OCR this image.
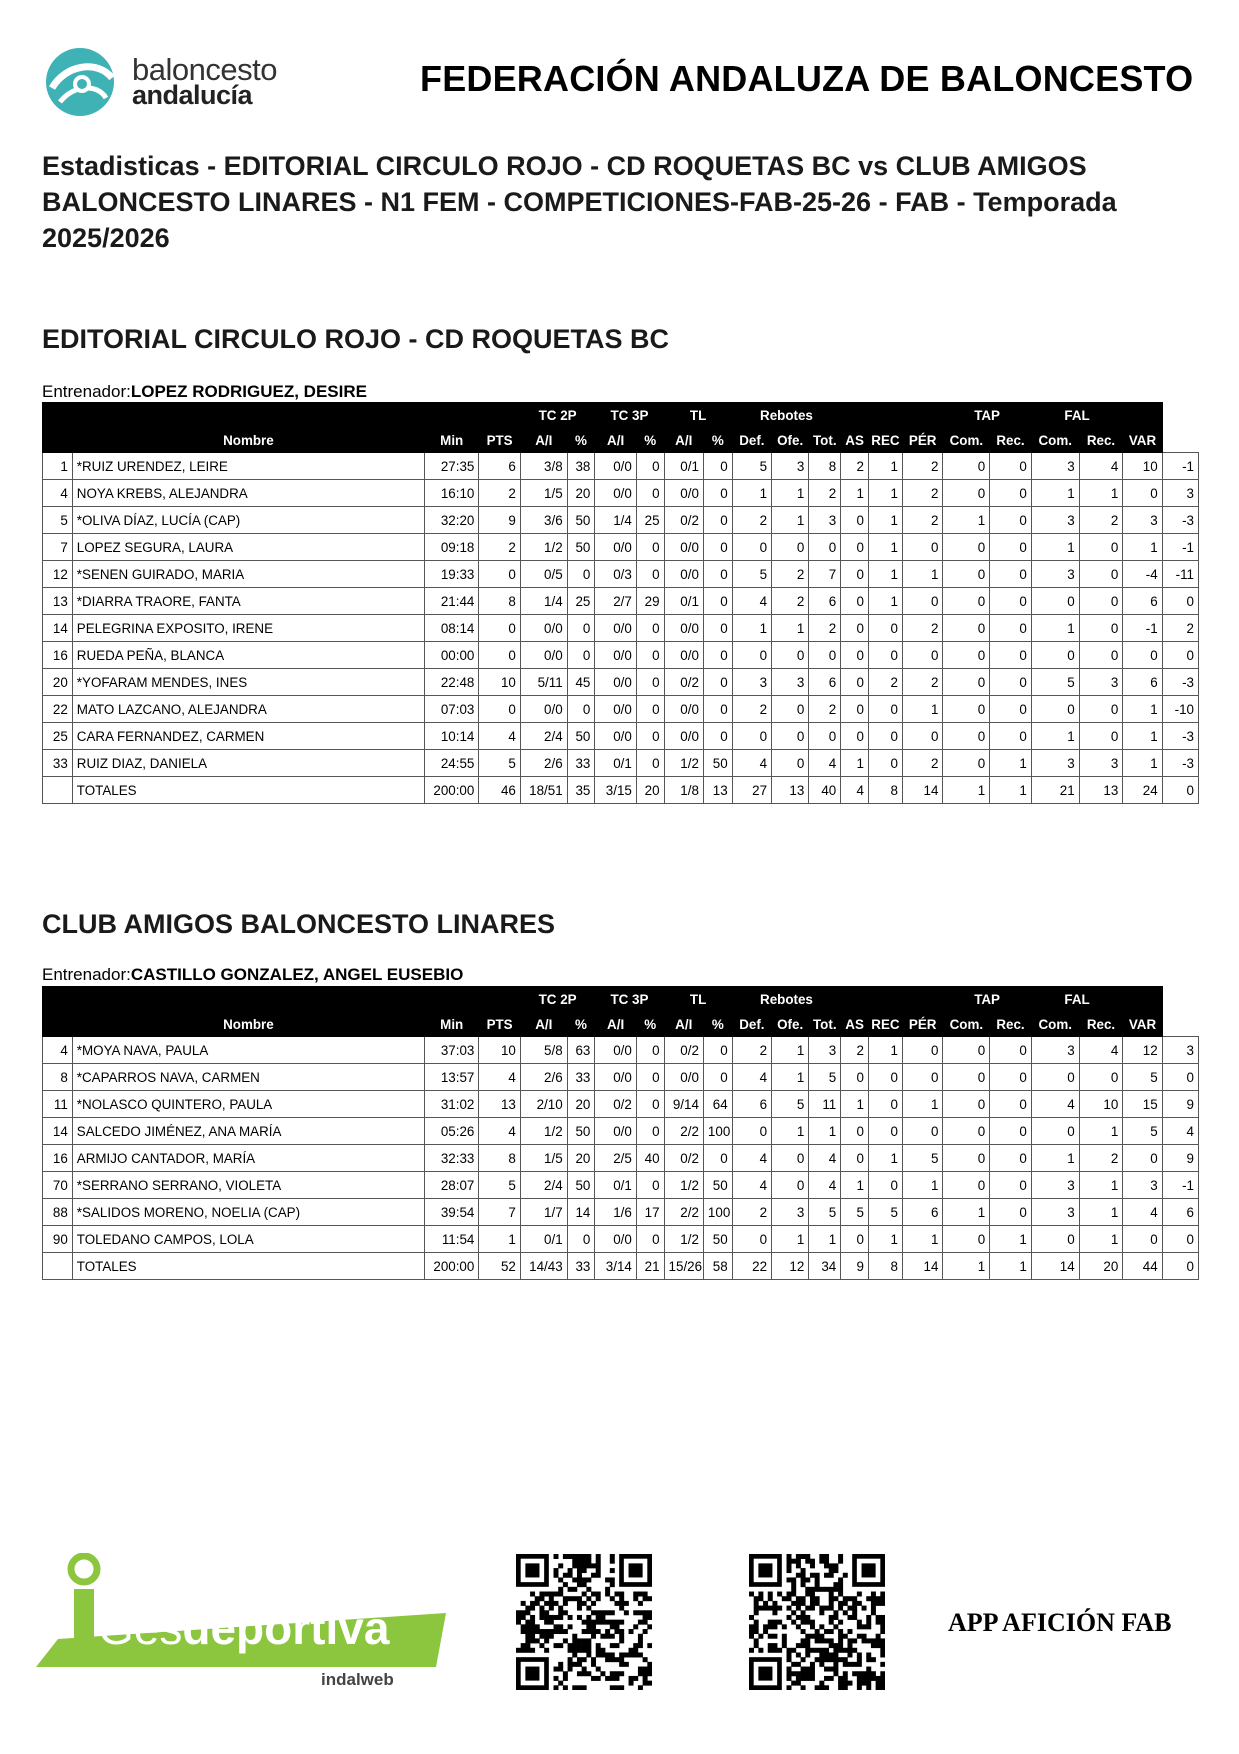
baloncesto
andalucía	FEDERACIÓN ANDALUZA DE BALONCESTO
Estadisticas - EDITORIAL CIRCULO ROJO - CD ROQUETAS BC vs CLUB AMIGOS BALONCESTO LINARES - N1 FEM - COMPETICIONES-FAB-25-26 - FAB - Temporada 2025/2026
EDITORIAL CIRCULO ROJO - CD ROQUETAS BC
Entrenador:LOPEZ RODRIGUEZ, DESIRE
				TC 2P		TC 3P		TL		Rebotes						TAP		FAL			
	Nombre	Min	PTS	A/I	%	A/I	%	A/I	%	Def.	Ofe.	Tot.	AS	REC	PÉR	Com.	Rec.	Com.	Rec.	VAR	
1	*RUIZ URENDEZ, LEIRE	27:35	6	3/8	38	0/0	0	0/1	0	5	3	8	2	1	2	0	0	3	4	10	-1
4	NOYA KREBS, ALEJANDRA	16:10	2	1/5	20	0/0	0	0/0	0	1	1	2	1	1	2	0	0	1	1	0	3
5	*OLIVA DÍAZ, LUCÍA (CAP)	32:20	9	3/6	50	1/4	25	0/2	0	2	1	3	0	1	2	1	0	3	2	3	-3
7	LOPEZ SEGURA, LAURA	09:18	2	1/2	50	0/0	0	0/0	0	0	0	0	0	1	0	0	0	1	0	1	-1
12	*SENEN GUIRADO, MARIA	19:33	0	0/5	0	0/3	0	0/0	0	5	2	7	0	1	1	0	0	3	0	-4	-11
13	*DIARRA TRAORE, FANTA	21:44	8	1/4	25	2/7	29	0/1	0	4	2	6	0	1	0	0	0	0	0	6	0
14	PELEGRINA EXPOSITO, IRENE	08:14	0	0/0	0	0/0	0	0/0	0	1	1	2	0	0	2	0	0	1	0	-1	2
16	RUEDA PEÑA, BLANCA	00:00	0	0/0	0	0/0	0	0/0	0	0	0	0	0	0	0	0	0	0	0	0	0
20	*YOFARAM MENDES, INES	22:48	10	5/11	45	0/0	0	0/2	0	3	3	6	0	2	2	0	0	5	3	6	-3
22	MATO LAZCANO, ALEJANDRA	07:03	0	0/0	0	0/0	0	0/0	0	2	0	2	0	0	1	0	0	0	0	1	-10
25	CARA FERNANDEZ, CARMEN	10:14	4	2/4	50	0/0	0	0/0	0	0	0	0	0	0	0	0	0	1	0	1	-3
33	RUIZ DIAZ, DANIELA	24:55	5	2/6	33	0/1	0	1/2	50	4	0	4	1	0	2	0	1	3	3	1	-3
	TOTALES	200:00	46	18/51	35	3/15	20	1/8	13	27	13	40	4	8	14	1	1	21	13	24	0
CLUB AMIGOS BALONCESTO LINARES
Entrenador:CASTILLO GONZALEZ, ANGEL EUSEBIO
				TC 2P		TC 3P		TL		Rebotes						TAP		FAL			
	Nombre	Min	PTS	A/I	%	A/I	%	A/I	%	Def.	Ofe.	Tot.	AS	REC	PÉR	Com.	Rec.	Com.	Rec.	VAR	
4	*MOYA NAVA, PAULA	37:03	10	5/8	63	0/0	0	0/2	0	2	1	3	2	1	0	0	0	3	4	12	3
8	*CAPARROS NAVA, CARMEN	13:57	4	2/6	33	0/0	0	0/0	0	4	1	5	0	0	0	0	0	0	0	5	0
11	*NOLASCO QUINTERO, PAULA	31:02	13	2/10	20	0/2	0	9/14	64	6	5	11	1	0	1	0	0	4	10	15	9
14	SALCEDO JIMÉNEZ, ANA MARÍA	05:26	4	1/2	50	0/0	0	2/2	100	0	1	1	0	0	0	0	0	0	1	5	4
16	ARMIJO CANTADOR, MARÍA	32:33	8	1/5	20	2/5	40	0/2	0	4	0	4	0	1	5	0	0	1	2	0	9
70	*SERRANO SERRANO, VIOLETA	28:07	5	2/4	50	0/1	0	1/2	50	4	0	4	1	0	1	0	0	3	1	3	-1
88	*SALIDOS MORENO, NOELIA (CAP)	39:54	7	1/7	14	1/6	17	2/2	100	2	3	5	5	5	6	1	0	3	1	4	6
90	TOLEDANO CAMPOS, LOLA	11:54	1	0/1	0	0/0	0	1/2	50	0	1	1	0	1	1	0	1	0	1	0	0
	TOTALES	200:00	52	14/43	33	3/14	21	15/26	58	22	12	34	9	8	14	1	1	14	20	44	0
Gesdeportiva
indalweb
APP AFICIÓN FAB
